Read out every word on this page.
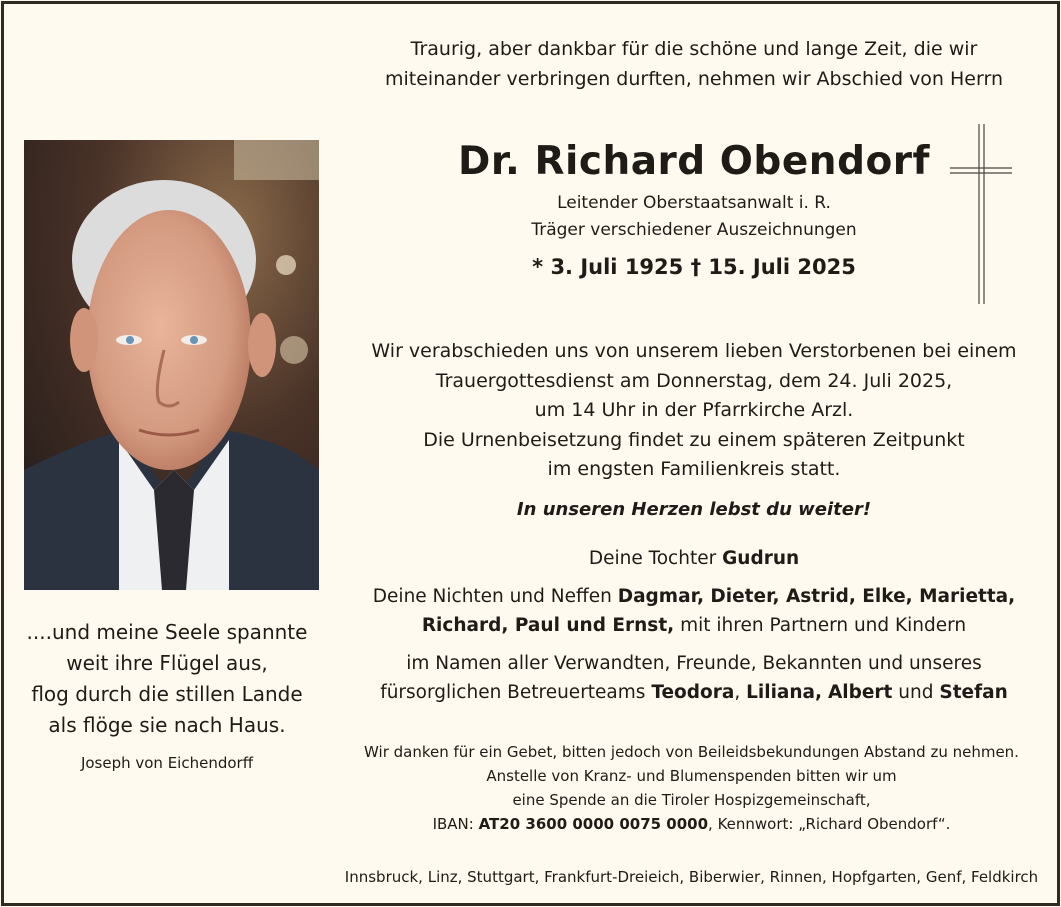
Traurig, aber dankbar für die schöne und lange Zeit, die wir
miteinander verbringen durften, nehmen wir Abschied von Herrn
Dr. Richard Obendorf
Leitender Oberstaatsanwalt i. R.
Träger verschiedener Auszeichnungen
* 3. Juli 1925 † 15. Juli 2025
Wir verabschieden uns von unserem lieben Verstorbenen bei einem
Trauergottesdienst am Donnerstag, dem 24. Juli 2025,
um 14 Uhr in der Pfarrkirche Arzl.
Die Urnenbeisetzung findet zu einem späteren Zeitpunkt
im engsten Familienkreis statt.
In unseren Herzen lebst du weiter!
Deine Tochter Gudrun
Deine Nichten und Neffen Dagmar, Dieter, Astrid, Elke, Marietta,
Richard, Paul und Ernst, mit ihren Partnern und Kindern
im Namen aller Verwandten, Freunde, Bekannten und unseres
fürsorglichen Betreuerteams Teodora, Liliana, Albert und Stefan
Wir danken für ein Gebet, bitten jedoch von Beileidsbekundungen Abstand zu nehmen.
Anstelle von Kranz- und Blumenspenden bitten wir um
eine Spende an die Tiroler Hospizgemeinschaft,
IBAN: AT20 3600 0000 0075 0000, Kennwort: „Richard Obendorf“.
Innsbruck, Linz, Stuttgart, Frankfurt-Dreieich, Biberwier, Rinnen, Hopfgarten, Genf, Feldkirch
....und meine Seele spannte
weit ihre Flügel aus,
flog durch die stillen Lande
als flöge sie nach Haus.
Joseph von Eichendorff
